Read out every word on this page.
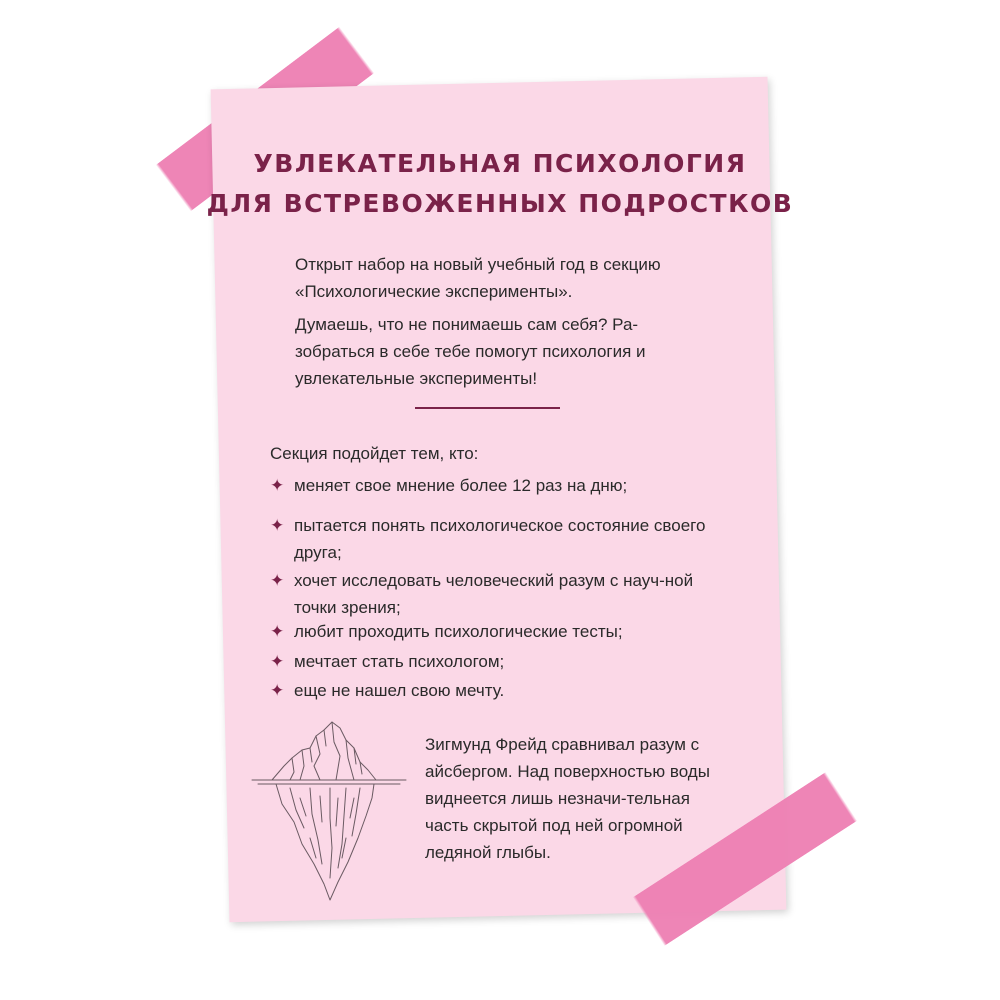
УВЛЕКАТЕЛЬНАЯ ПСИХОЛОГИЯ
ДЛЯ ВСТРЕВОЖЕННЫХ ПОДРОСТКОВ

Открыт набор на новый учебный год в секцию «Психологические эксперименты».

Думаешь, что не понимаешь сам себя? Ра-зобраться в себе тебе помогут психология и увлекательные эксперименты!

Секция подойдет тем, кто:

✦ меняет свое мнение более 12 раз на дню;
✦ пытается понять психологическое состояние своего друга;
✦ хочет исследовать человеческий разум с науч-ной точки зрения;
✦ любит проходить психологические тесты;
✦ мечтает стать психологом;
✦ еще не нашел свою мечту.

Зигмунд Фрейд сравнивал разум с айсбергом. Над поверхностью воды виднеется лишь незначи-тельная часть скрытой под ней огромной ледяной глыбы.
